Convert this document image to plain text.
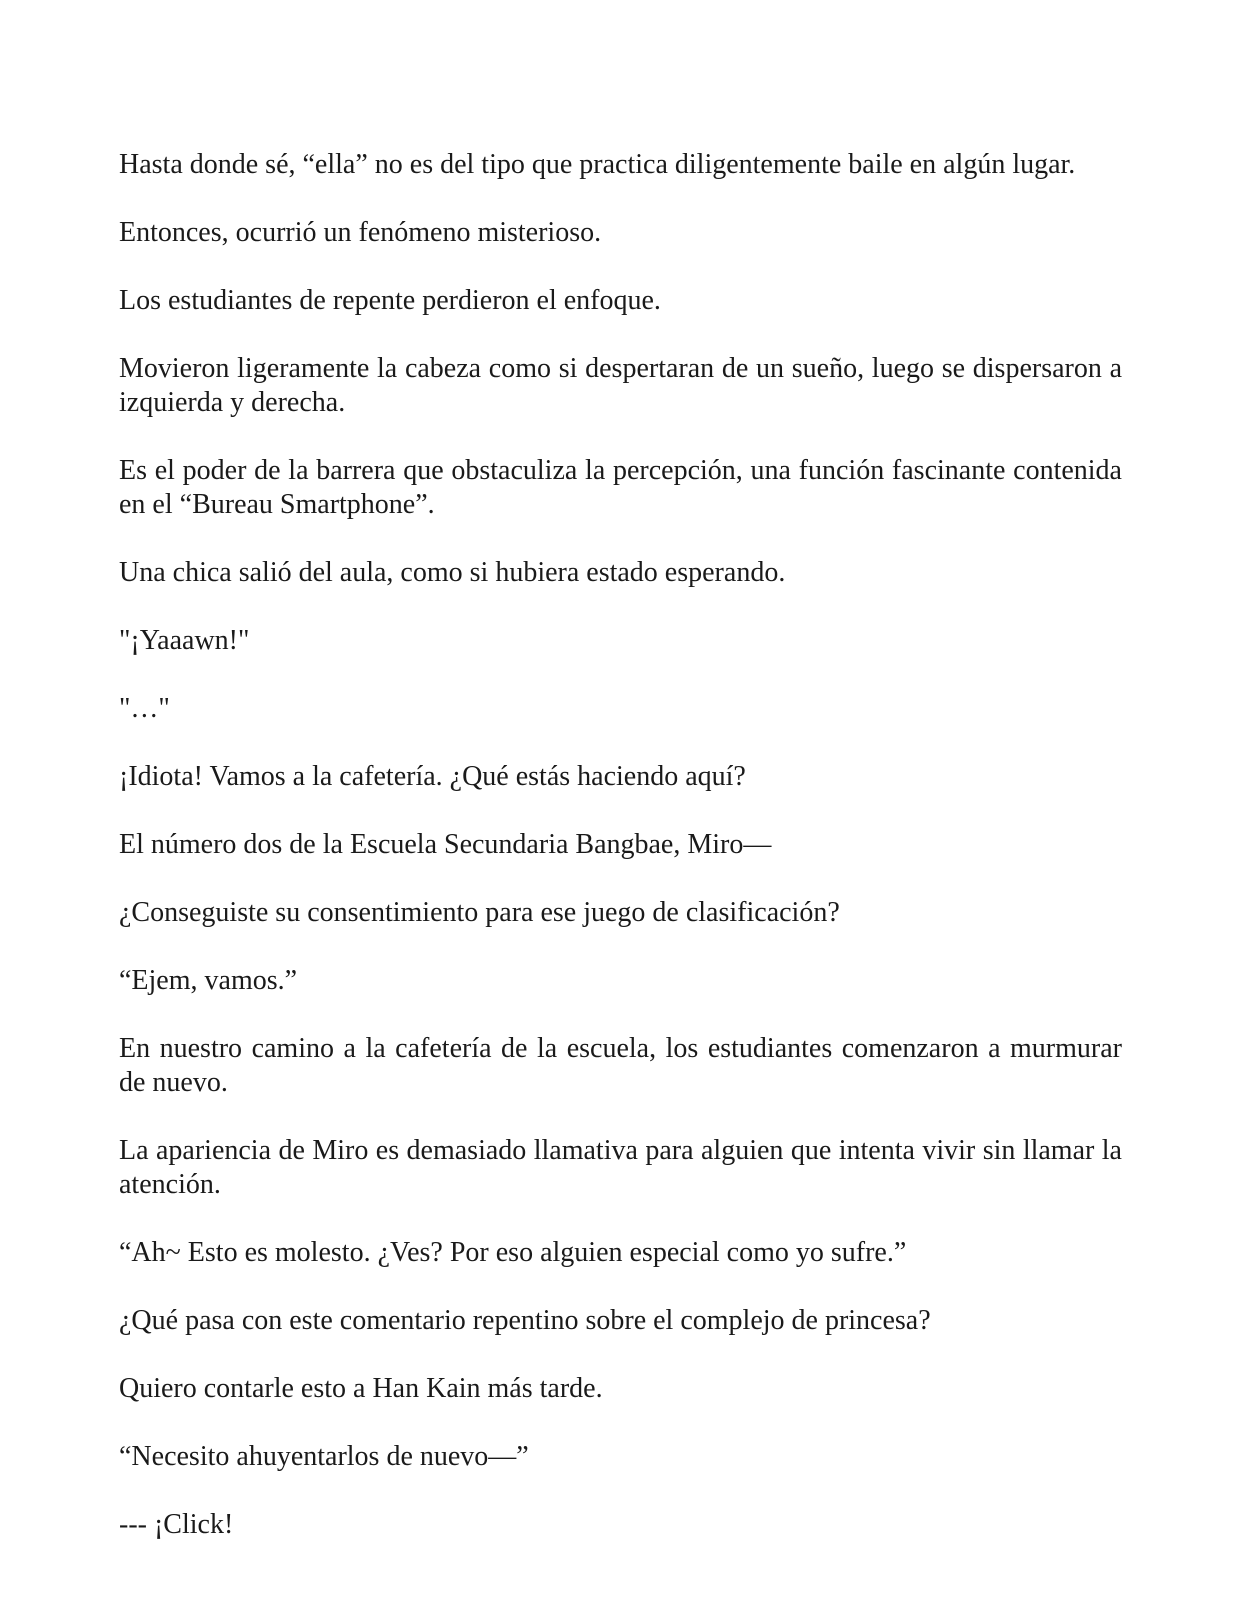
Hasta donde sé, “ella” no es del tipo que practica diligentemente baile en algún lugar.

Entonces, ocurrió un fenómeno misterioso.

Los estudiantes de repente perdieron el enfoque.

Movieron ligeramente la cabeza como si despertaran de un sueño, luego se dispersaron a izquierda y derecha.

Es el poder de la barrera que obstaculiza la percepción, una función fascinante contenida en el “Bureau Smartphone”.

Una chica salió del aula, como si hubiera estado esperando.

"¡Yaaawn!"

"…"

¡Idiota! Vamos a la cafetería. ¿Qué estás haciendo aquí?

El número dos de la Escuela Secundaria Bangbae, Miro—

¿Conseguiste su consentimiento para ese juego de clasificación?

“Ejem, vamos.”

En nuestro camino a la cafetería de la escuela, los estudiantes comenzaron a murmurar de nuevo.

La apariencia de Miro es demasiado llamativa para alguien que intenta vivir sin llamar la atención.

“Ah~ Esto es molesto. ¿Ves? Por eso alguien especial como yo sufre.”

¿Qué pasa con este comentario repentino sobre el complejo de princesa?

Quiero contarle esto a Han Kain más tarde.

“Necesito ahuyentarlos de nuevo—”

--- ¡Click!
